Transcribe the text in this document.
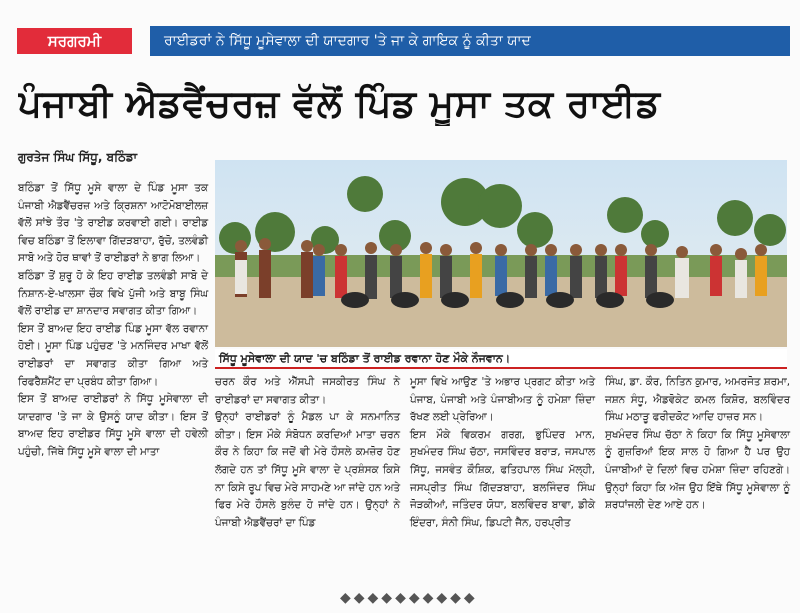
ਸਰਗਰਮੀ	ਰਾਈਡਰਾਂ ਨੇ ਸਿੱਧੂ ਮੂਸੇਵਾਲਾ ਦੀ ਯਾਦਗਾਰ 'ਤੇ ਜਾ ਕੇ ਗਾਇਕ ਨੂੰ ਕੀਤਾ ਯਾਦ
ਪੰਜਾਬੀ ਐਡਵੈਂਚਰਜ਼ ਵੱਲੋਂ ਪਿੰਡ ਮੂਸਾ ਤਕ ਰਾਈਡ
ਗੁਰਤੇਜ ਸਿੰਘ ਸਿੱਧੂ, ਬਠਿੰਡਾ
ਸਿੱਧੂ ਮੂਸੇਵਾਲਾ ਦੀ ਯਾਦ 'ਚ ਬਠਿੰਡਾ ਤੋਂ ਰਾਈਡ ਰਵਾਨਾ ਹੋਣ ਮੌਕੇ ਨੌਜਵਾਨ।

ਬਠਿੰਡਾ ਤੋਂ ਸਿੱਧੂ ਮੂਸੇ ਵਾਲਾ ਦੇ ਪਿੰਡ ਮੂਸਾ ਤਕ ਪੰਜਾਬੀ ਐਡਵੈਂਚਰਜ਼ ਅਤੇ ਕ੍ਰਿਸ਼ਨਾ ਆਟੋਮੋਬਾਈਲਜ਼ ਵੱਲੋਂ ਸਾਂਝੇ ਤੌਰ 'ਤੇ ਰਾਈਡ ਕਰਵਾਈ ਗਈ। ਰਾਈਡ ਵਿਚ ਬਠਿੰਡਾ ਤੋਂ ਇਲਾਵਾ ਗਿੱਦੜਬਾਹਾ, ਰੁੱਚੋ, ਤਲਵੰਡੀ ਸਾਬੋ ਅਤੇ ਹੋਰ ਥਾਵਾਂ ਤੋਂ ਰਾਈਡਰਾਂ ਨੇ ਭਾਗ ਲਿਆ।

ਬਠਿੰਡਾ ਤੋਂ ਸ਼ੁਰੂ ਹੋ ਕੇ ਇਹ ਰਾਈਡ ਤਲਵੰਡੀ ਸਾਬੋ ਦੇ ਨਿਸ਼ਾਨ-ਏ-ਖਾਲਸਾ ਚੌਕ ਵਿਖੇ ਪੁੱਜੀ ਅਤੇ ਬਾਬੂ ਸਿੰਘ ਵੱਲੋਂ ਰਾਈਡ ਦਾ ਸ਼ਾਨਦਾਰ ਸਵਾਗਤ ਕੀਤਾ ਗਿਆ।

ਇਸ ਤੋਂ ਬਾਅਦ ਇਹ ਰਾਈਡ ਪਿੰਡ ਮੂਸਾ ਵੱਲ ਰਵਾਨਾ ਹੋਈ। ਮੂਸਾ ਪਿੰਡ ਪਹੁੰਚਣ 'ਤੇ ਮਨਜਿੰਦਰ ਮਾਖਾ ਵੱਲੋਂ ਰਾਈਡਰਾਂ ਦਾ ਸਵਾਗਤ ਕੀਤਾ ਗਿਆ ਅਤੇ ਰਿਫਰੈਸ਼ਮੈਂਟ ਦਾ ਪ੍ਰਬੰਧ ਕੀਤਾ ਗਿਆ।

ਇਸ ਤੋਂ ਬਾਅਦ ਰਾਈਡਰਾਂ ਨੇ ਸਿੱਧੂ ਮੂਸੇਵਾਲਾ ਦੀ ਯਾਦਗਾਰ 'ਤੇ ਜਾ ਕੇ ਉਸਨੂੰ ਯਾਦ ਕੀਤਾ। ਇਸ ਤੋਂ ਬਾਅਦ ਇਹ ਰਾਈਡਰ ਸਿੱਧੂ ਮੂਸੇ ਵਾਲਾ ਦੀ ਹਵੇਲੀ ਪਹੁੰਚੀ, ਜਿੱਥੇ ਸਿੱਧੂ ਮੂਸੇ ਵਾਲਾ ਦੀ ਮਾਤਾ

ਚਰਨ ਕੌਰ ਅਤੇ ਐੱਸਪੀ ਜਸਕੀਰਤ ਸਿੰਘ ਨੇ ਰਾਈਡਰਾਂ ਦਾ ਸਵਾਗਤ ਕੀਤਾ।

ਉਨ੍ਹਾਂ ਰਾਈਡਰਾਂ ਨੂੰ ਮੈਡਲ ਪਾ ਕੇ ਸਨਮਾਨਿਤ ਕੀਤਾ। ਇਸ ਮੌਕੇ ਸੰਬੋਧਨ ਕਰਦਿਆਂ ਮਾਤਾ ਚਰਨ ਕੌਰ ਨੇ ਕਿਹਾ ਕਿ ਜਦੋਂ ਵੀ ਮੇਰੇ ਹੌਸਲੇ ਕਮਜ਼ੋਰ ਹੋਣ ਲੱਗਦੇ ਹਨ ਤਾਂ ਸਿੱਧੂ ਮੂਸੇ ਵਾਲਾ ਦੇ ਪ੍ਰਸ਼ੰਸਕ ਕਿਸੇ ਨਾ ਕਿਸੇ ਰੂਪ ਵਿਚ ਮੇਰੇ ਸਾਹਮਣੇ ਆ ਜਾਂਦੇ ਹਨ ਅਤੇ ਫਿਰ ਮੇਰੇ ਹੌਸਲੇ ਬੁਲੰਦ ਹੋ ਜਾਂਦੇ ਹਨ। ਉਨ੍ਹਾਂ ਨੇ ਪੰਜਾਬੀ ਐਡਵੈਂਚਰਾਂ ਦਾ ਪਿੰਡ

ਮੂਸਾ ਵਿਖੇ ਆਉਣ 'ਤੇ ਅਭਾਰ ਪ੍ਰਗਟ ਕੀਤਾ ਅਤੇ ਪੰਜਾਬ, ਪੰਜਾਬੀ ਅਤੇ ਪੰਜਾਬੀਅਤ ਨੂੰ ਹਮੇਸ਼ਾ ਜ਼ਿੰਦਾ ਰੱਖਣ ਲਈ ਪ੍ਰੇਰਿਆ।

ਇਸ ਮੌਕੇ ਵਿਕਰਮ ਗਰਗ, ਭੁਪਿੰਦਰ ਮਾਨ, ਸੁਖਮੰਦਰ ਸਿੰਘ ਚੱਠਾ, ਜਸਵਿੰਦਰ ਬਰਾੜ, ਜਸਪਾਲ ਸਿੱਧੂ, ਜਸਵੰਤ ਕੌਸ਼ਿਕ, ਫਤਿਹਪਾਲ ਸਿੰਘ ਮੱਲ੍ਹੀ, ਜਸਪ੍ਰੀਤ ਸਿੰਘ ਗਿੱਦੜਬਾਹਾ, ਬਲਜਿੰਦਰ ਸਿੰਘ ਜੋੜਕੀਆਂ, ਜਤਿੰਦਰ ਯੋਧਾ, ਬਲਵਿੰਦਰ ਬਾਵਾ, ਡੀਕੇ ਇੰਦਰਾ, ਸੰਨੀ ਸਿੰਘ, ਡਿਪਟੀ ਜੈਨ, ਹਰਪ੍ਰੀਤ

ਸਿੰਘ, ਡਾ. ਕੌਰ, ਨਿਤਿਨ ਕੁਮਾਰ, ਅਮਰਜੋਤ ਸ਼ਰਮਾ, ਜਸ਼ਨ ਸੰਧੂ, ਐਡਵੋਕੇਟ ਕਮਲ ਕਿਸ਼ੋਰ, ਬਲਵਿੰਦਰ ਸਿੰਘ ਮਠਾੜੂ ਫਰੀਦਕੋਟ ਆਦਿ ਹਾਜ਼ਰ ਸਨ।

ਸੁਖਮੰਦਰ ਸਿੰਘ ਚੱਠਾ ਨੇ ਕਿਹਾ ਕਿ ਸਿੱਧੂ ਮੂਸੇਵਾਲਾ ਨੂੰ ਗੁਜ਼ਰਿਆਂ ਇਕ ਸਾਲ ਹੋ ਗਿਆ ਹੈ ਪਰ ਉਹ ਪੰਜਾਬੀਆਂ ਦੇ ਦਿਲਾਂ ਵਿਚ ਹਮੇਸ਼ਾ ਜ਼ਿੰਦਾ ਰਹਿਣਗੇ। ਉਨ੍ਹਾਂ ਕਿਹਾ ਕਿ ਅੱਜ ਉਹ ਇੱਥੇ ਸਿੱਧੂ ਮੂਸੇਵਾਲਾ ਨੂੰ ਸ਼ਰਧਾਂਜਲੀ ਦੇਣ ਆਏ ਹਨ।

◆◆◆◆◆◆◆◆◆◆
